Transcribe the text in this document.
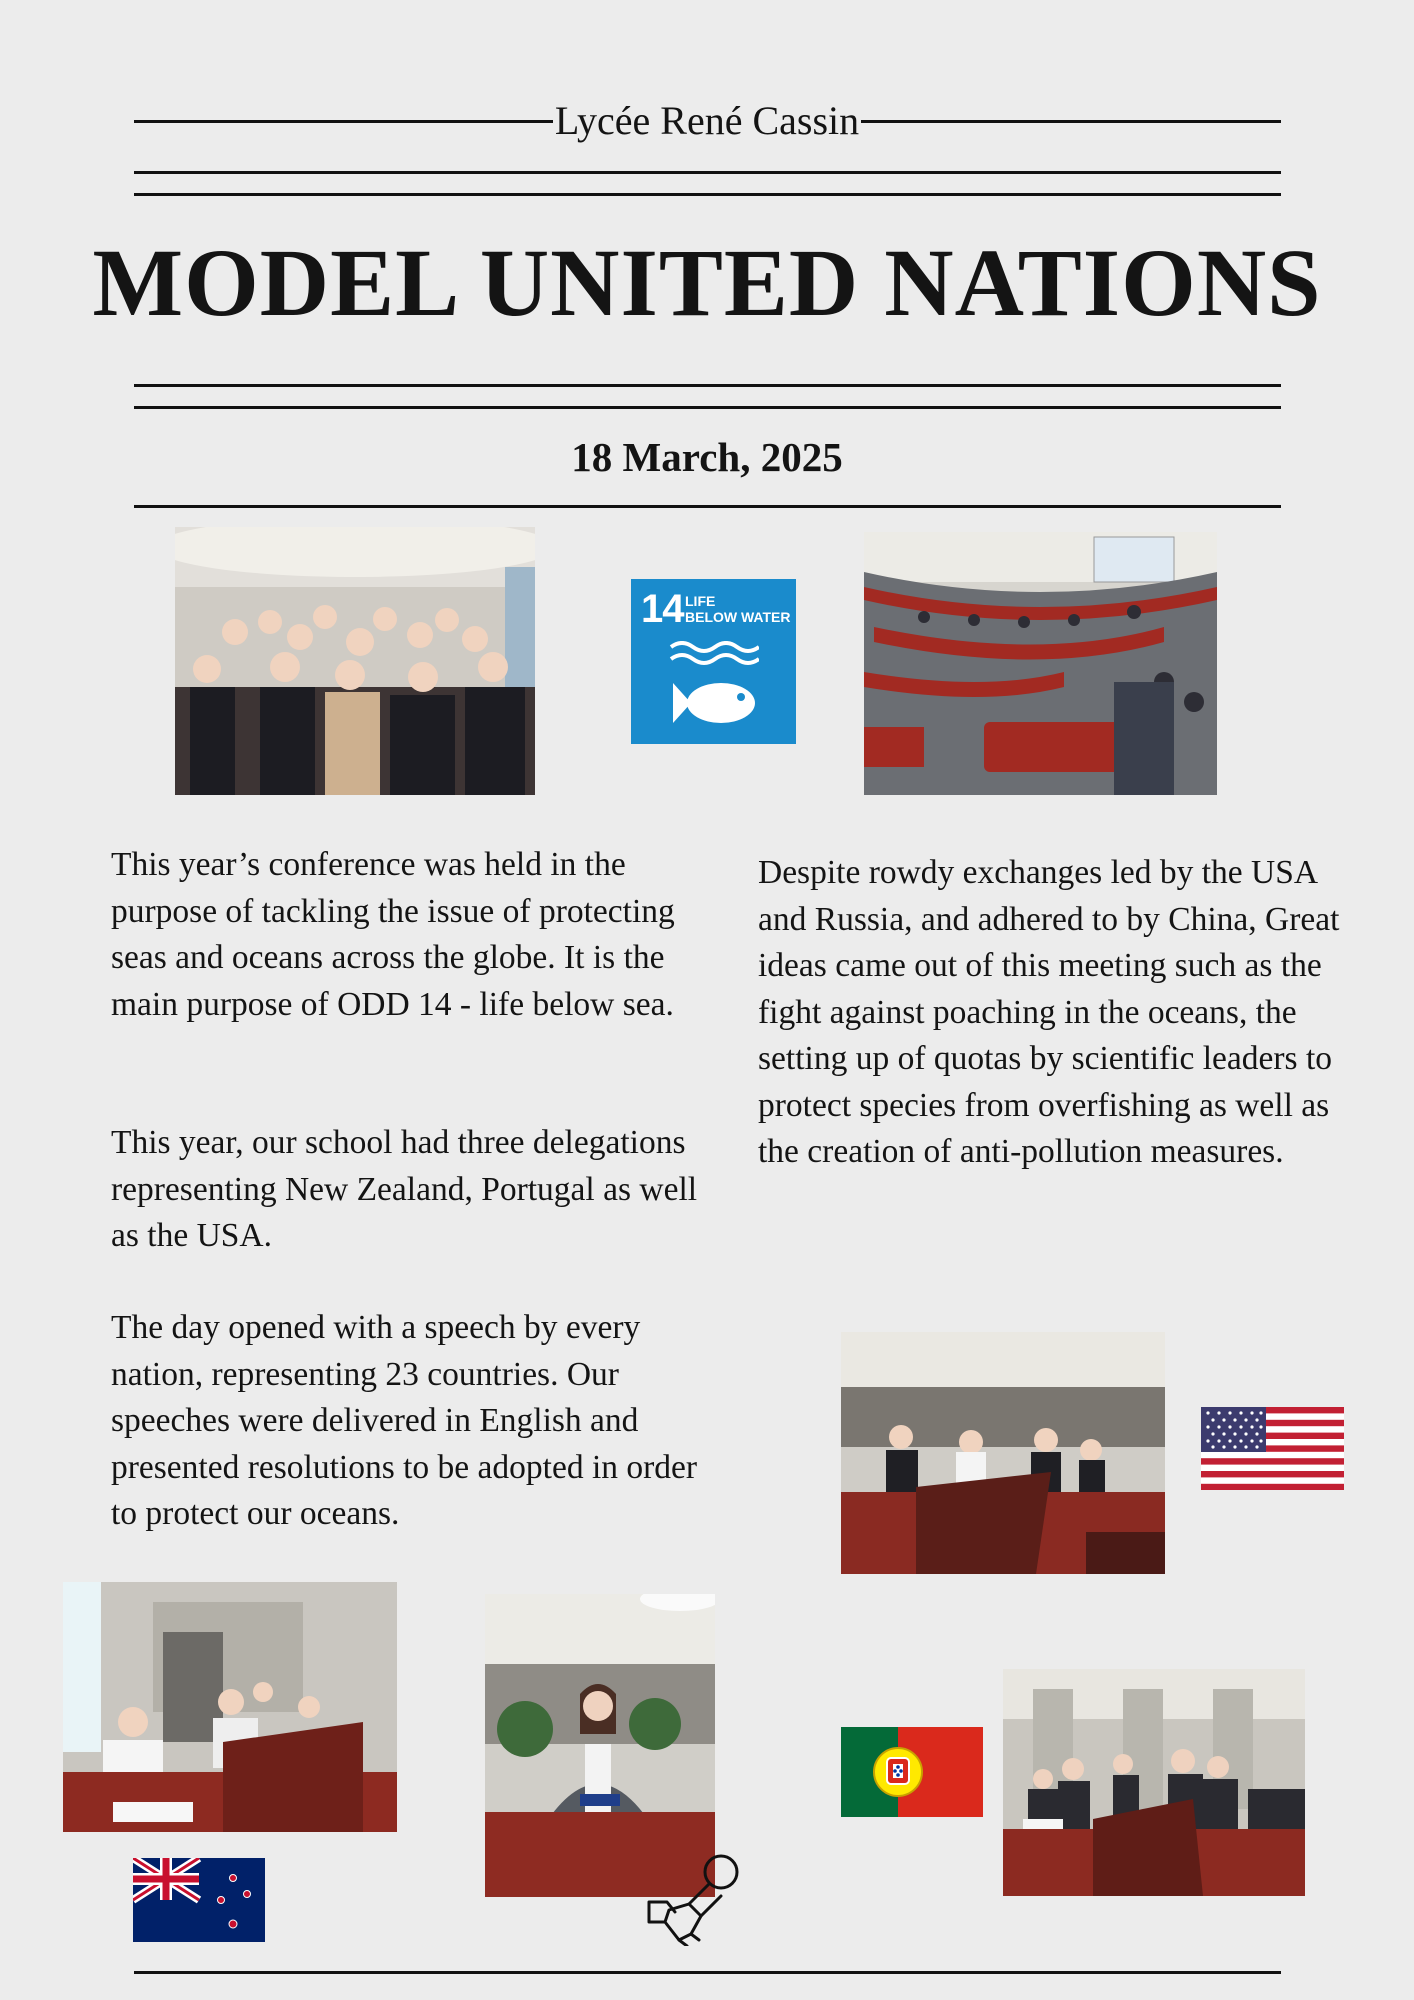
Lycée René Cassin
MODEL UNITED NATIONS
18 March, 2025
14 LIFE
BELOW WATER
This year’s conference was held in the purpose of tackling the issue of protecting seas and oceans across the globe. It is the main purpose of ODD 14 - life below sea.
This year, our school had three delegations representing New Zealand, Portugal as well as the USA.
The day opened with a speech by every nation, representing 23 countries. Our speeches were delivered in English and presented resolutions to be adopted in order to protect our oceans.
Despite rowdy exchanges led by the USA and Russia, and adhered to by China, Great ideas came out of this meeting such as the fight against poaching in the oceans, the setting up of quotas by scientific leaders to protect species from overfishing as well as the creation of anti-pollution measures.
